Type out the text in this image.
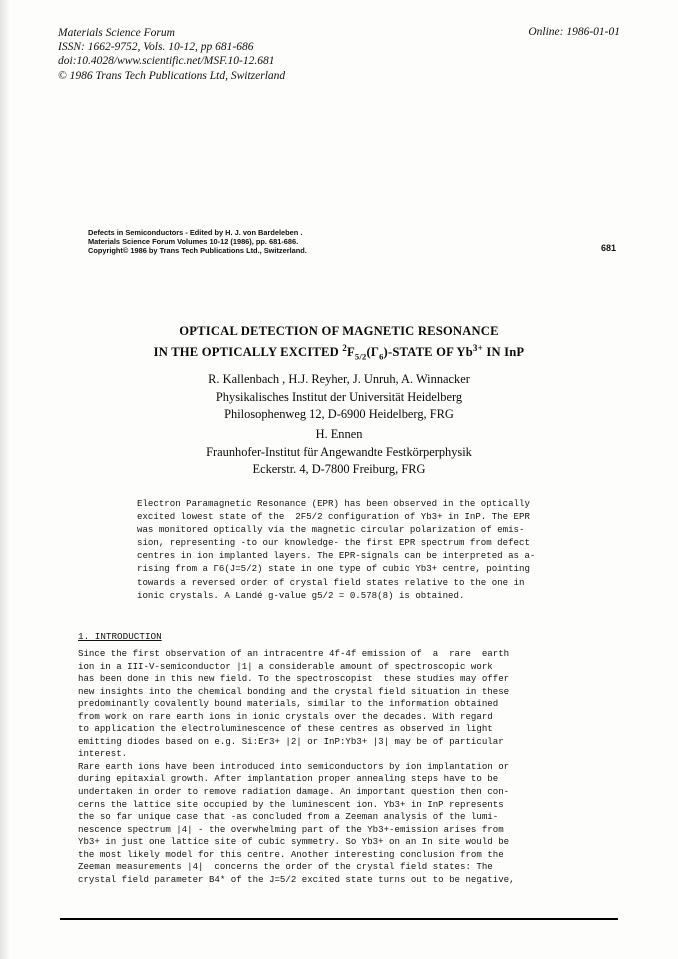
Materials Science Forum
ISSN: 1662-9752, Vols. 10-12, pp 681-686
doi:10.4028/www.scientific.net/MSF.10-12.681
© 1986 Trans Tech Publications Ltd, Switzerland
Online: 1986-01-01
Defects in Semiconductors - Edited by H. J. von Bardeleben .
Materials Science Forum Volumes 10-12 (1986), pp. 681-686.
Copyright© 1986 by Trans Tech Publications Ltd., Switzerland.	681
OPTICAL DETECTION OF MAGNETIC RESONANCE
IN THE OPTICALLY EXCITED $^2F_{5/2}(\Gamma_6)$-STATE OF $Yb^{3+}$ IN InP
R. Kallenbach , H.J. Reyher, J. Unruh, A. Winnacker
Physikalisches Institut der Universität Heidelberg
Philosophenweg 12, D-6900 Heidelberg, FRG
H. Ennen
Fraunhofer-Institut für Angewandte Festkörperphysik
Eckerstr. 4, D-7800 Freiburg, FRG
Electron Paramagnetic Resonance (EPR) has been observed in the optically
excited lowest state of the  2F5/2 configuration of Yb3+ in InP. The EPR
was monitored optically via the magnetic circular polarization of emis-
sion, representing -to our knowledge- the first EPR spectrum from defect
centres in ion implanted layers. The EPR-signals can be interpreted as a-
rising from a Γ6(J=5/2) state in one type of cubic Yb3+ centre, pointing
towards a reversed order of crystal field states relative to the one in
ionic crystals. A Landé g-value g5/2 = 0.578(8) is obtained.
1. INTRODUCTION
Since the first observation of an intracentre 4f-4f emission of  a  rare  earth
ion in a III-V-semiconductor |1| a considerable amount of spectroscopic work
has been done in this new field. To the spectroscopist  these studies may offer
new insights into the chemical bonding and the crystal field situation in these
predominantly covalently bound materials, similar to the information obtained
from work on rare earth ions in ionic crystals over the decades. With regard
to application the electroluminescence of these centres as observed in light
emitting diodes based on e.g. Si:Er3+ |2| or InP:Yb3+ |3| may be of particular
interest.
Rare earth ions have been introduced into semiconductors by ion implantation or
during epitaxial growth. After implantation proper annealing steps have to be
undertaken in order to remove radiation damage. An important question then con-
cerns the lattice site occupied by the luminescent ion. Yb3+ in InP represents
the so far unique case that -as concluded from a Zeeman analysis of the lumi-
nescence spectrum |4| - the overwhelming part of the Yb3+-emission arises from
Yb3+ in just one lattice site of cubic symmetry. So Yb3+ on an In site would be
the most likely model for this centre. Another interesting conclusion from the
Zeeman measurements |4|  concerns the order of the crystal field states: The
crystal field parameter B4* of the J=5/2 excited state turns out to be negative,
